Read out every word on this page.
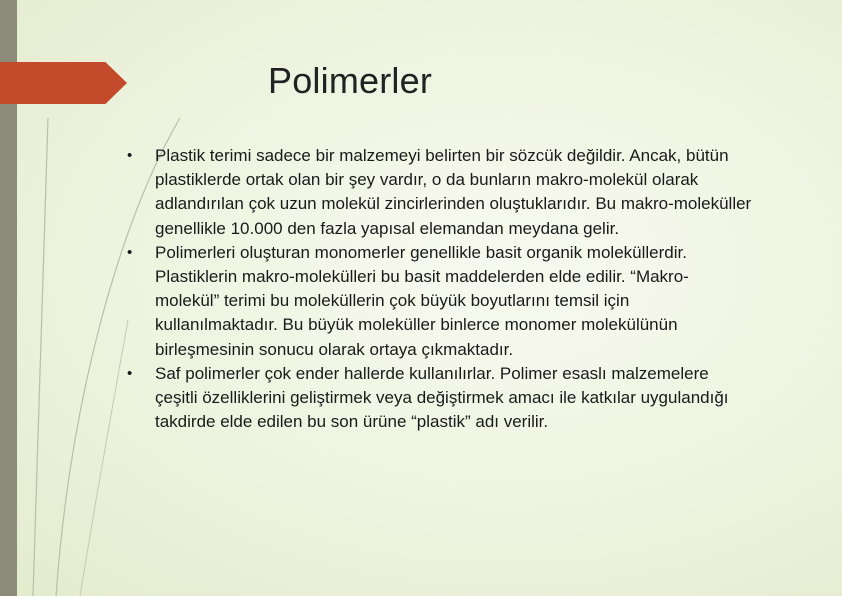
Polimerler
•	Plastik terimi sadece bir malzemeyi belirten bir sözcük değildir. Ancak, bütün plastiklerde ortak olan bir şey vardır, o da bunların makro-molekül olarak adlandırılan çok uzun molekül zincirlerinden oluştuklarıdır. Bu makro-moleküller genellikle 10.000 den fazla yapısal elemandan meydana gelir.
•	Polimerleri oluşturan monomerler genellikle basit organik moleküllerdir. Plastiklerin makro-molekülleri bu basit maddelerden elde edilir. “Makro-molekül” terimi bu moleküllerin çok büyük boyutlarını temsil için kullanılmaktadır. Bu büyük moleküller binlerce monomer molekülünün birleşmesinin sonucu olarak ortaya çıkmaktadır.
•	Saf polimerler çok ender hallerde kullanılırlar. Polimer esaslı malzemelere çeşitli özelliklerini geliştirmek veya değiştirmek amacı ile katkılar uygulandığı takdirde elde edilen bu son ürüne “plastik” adı verilir.
